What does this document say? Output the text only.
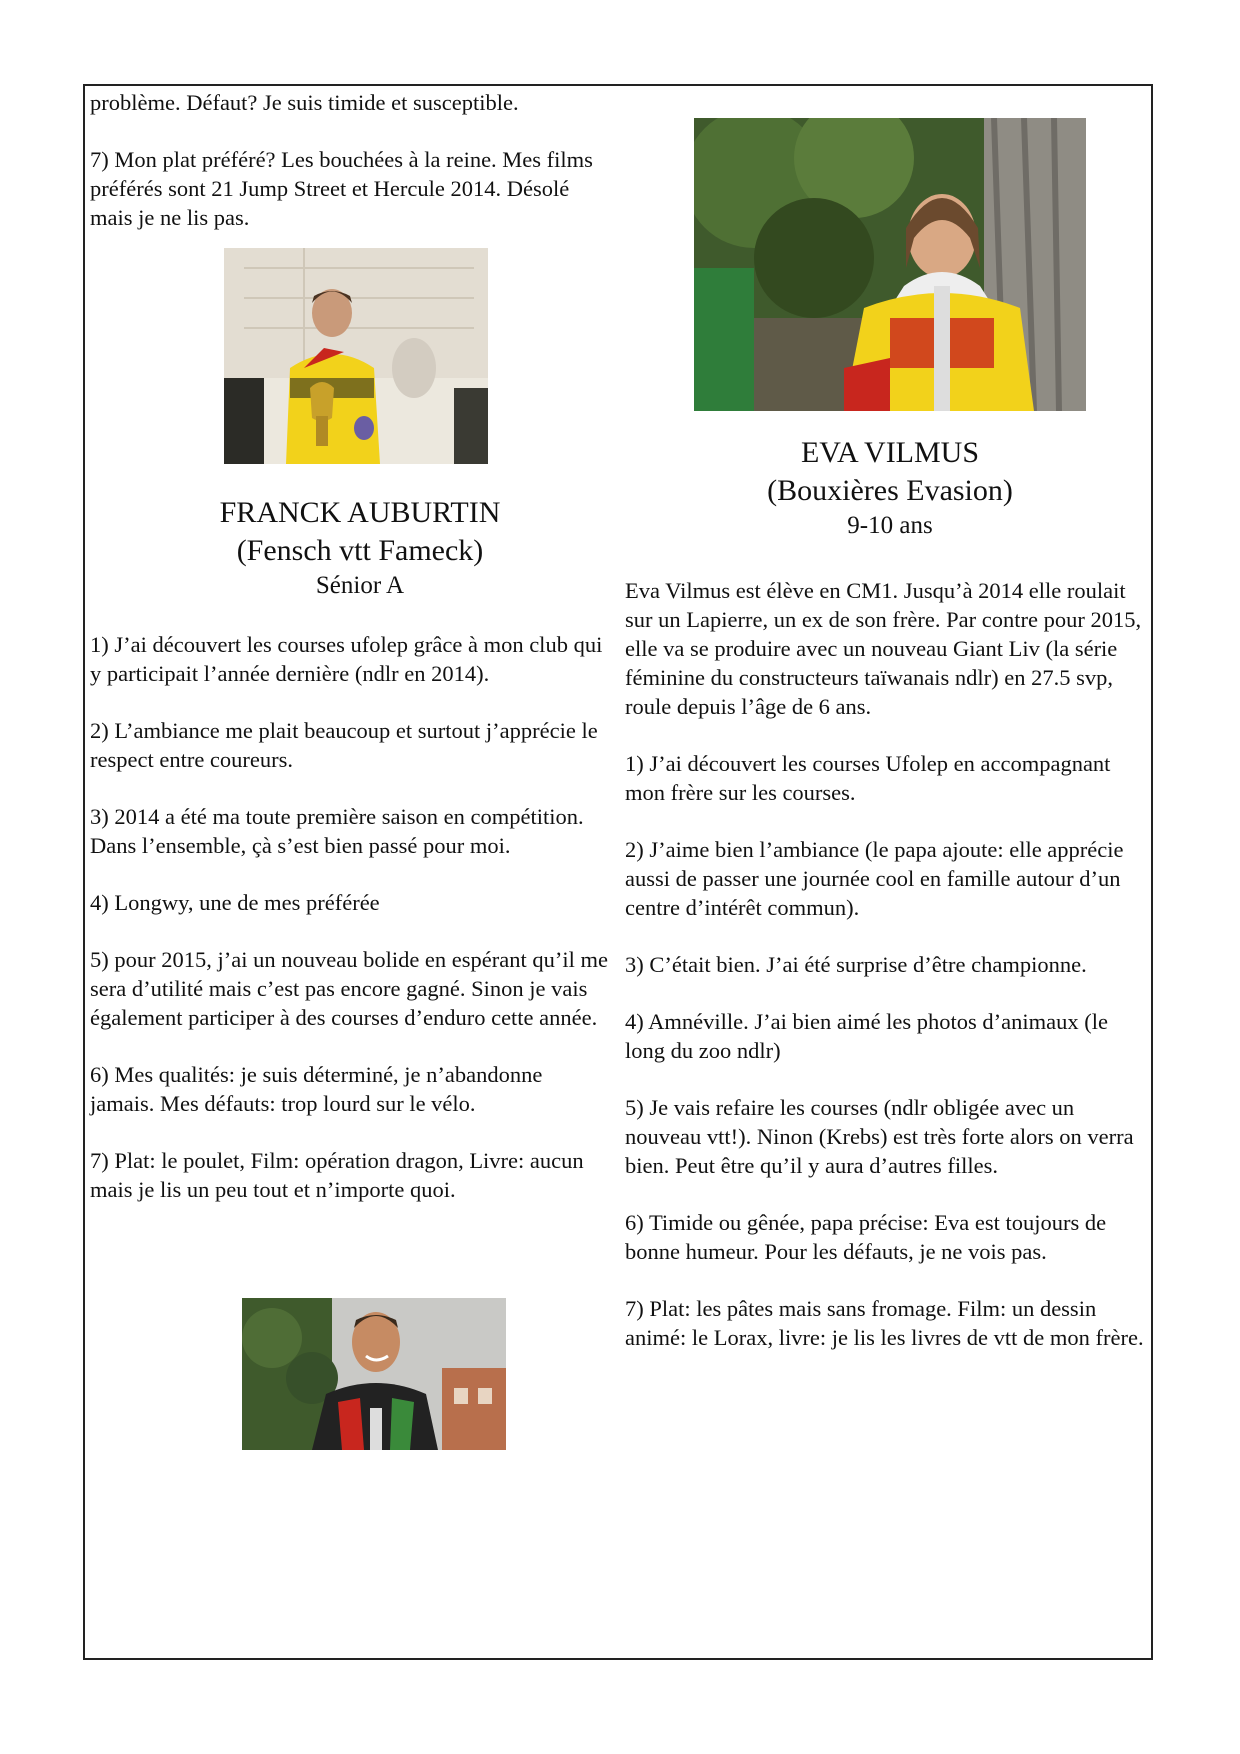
problème. Défaut? Je suis timide et susceptible.

7) Mon plat préféré? Les bouchées à la reine. Mes films préférés sont 21 Jump Street et Hercule 2014. Désolé mais je ne lis pas.

FRANCK AUBURTIN
(Fensch vtt Fameck)
Sénior A

1) J’ai découvert les courses ufolep grâce à mon club qui y participait l’année dernière (ndlr en 2014).

2) L’ambiance me plait beaucoup et surtout j’apprécie le respect entre coureurs.

3) 2014 a été ma toute première saison en compétition. Dans l’ensemble, çà s’est bien passé pour moi.

4) Longwy, une de mes préférée

5) pour 2015, j’ai un nouveau bolide en espérant qu’il me sera d’utilité mais c’est pas encore gagné. Sinon je vais également participer à des courses d’enduro cette année.

6) Mes qualités: je suis déterminé, je n’abandonne jamais. Mes défauts: trop lourd sur le vélo.

7) Plat: le poulet, Film: opération dragon, Livre: aucun mais je lis un peu tout et n’importe quoi.

EVA VILMUS
(Bouxières Evasion)
9-10 ans

Eva Vilmus est élève en CM1. Jusqu’à 2014 elle roulait sur un Lapierre, un ex de son frère. Par contre pour 2015, elle va se produire avec un nouveau Giant Liv (la série féminine du constructeurs taïwanais ndlr) en 27.5 svp, roule depuis l’âge de 6 ans.

1) J’ai découvert les courses Ufolep en accompagnant mon frère sur les courses.

2) J’aime bien l’ambiance (le papa ajoute: elle apprécie aussi de passer une journée cool en famille autour d’un centre d’intérêt commun).

3) C’était bien. J’ai été surprise d’être championne.

4) Amnéville. J’ai bien aimé les photos d’animaux (le long du zoo ndlr)

5) Je vais refaire les courses (ndlr obligée avec un nouveau vtt!). Ninon (Krebs) est très forte alors on verra bien. Peut être qu’il y aura d’autres filles.

6) Timide ou gênée, papa précise: Eva est toujours de bonne humeur. Pour les défauts, je ne vois pas.

7) Plat: les pâtes mais sans fromage. Film: un dessin animé: le Lorax, livre: je lis les livres de vtt de mon frère.
